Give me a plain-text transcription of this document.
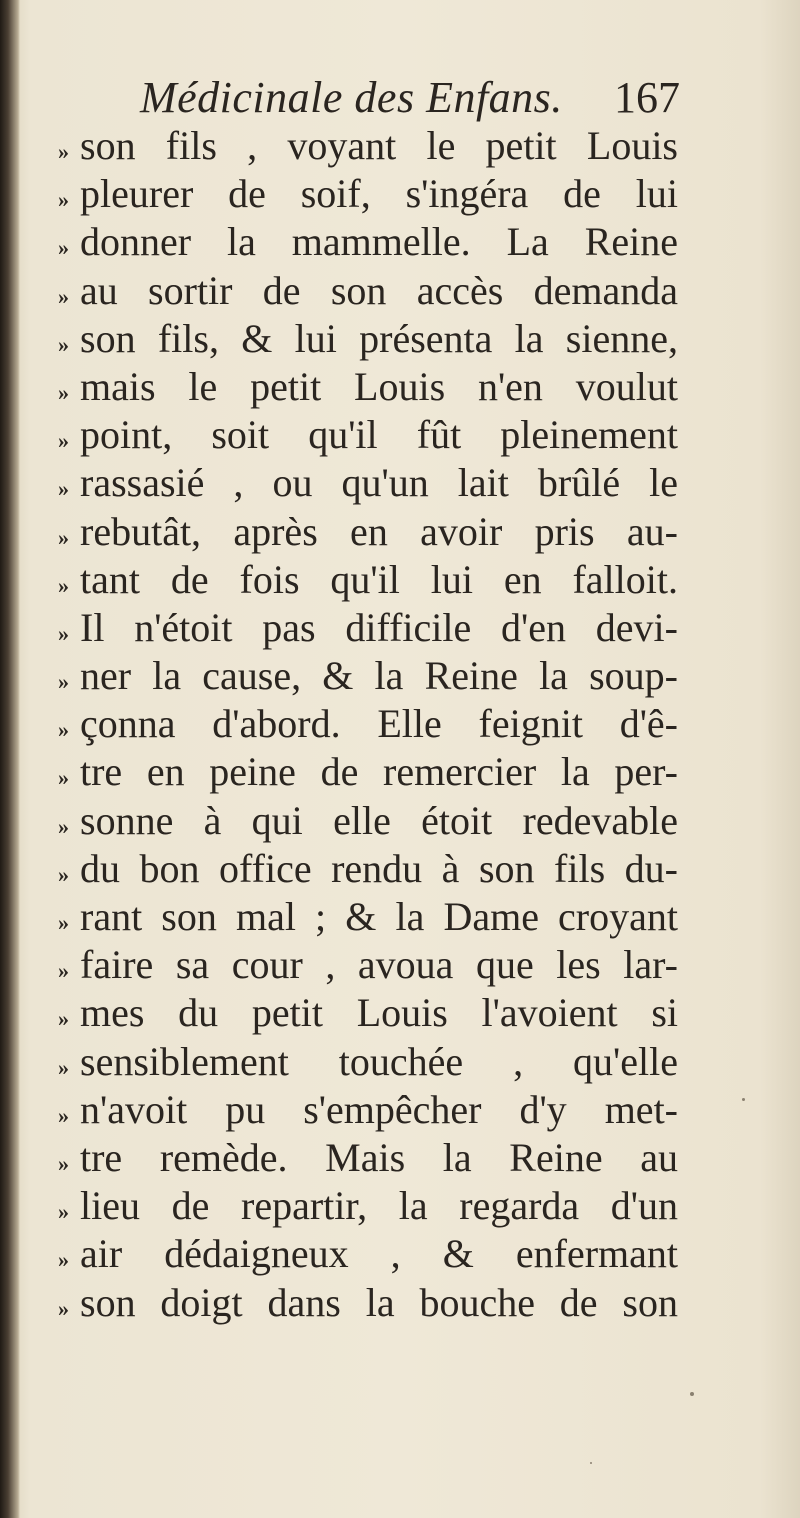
Médicinale des Enfans. 167
» son fils , voyant le petit Louis
» pleurer de soif, s'ingéra de lui
» donner la mammelle. La Reine
» au sortir de son accès demanda
» son fils, & lui présenta la sienne,
» mais le petit Louis n'en voulut
» point, soit qu'il fût pleinement
» rassasié , ou qu'un lait brûlé le
» rebutât, après en avoir pris au-
» tant de fois qu'il lui en falloit.
» Il n'étoit pas difficile d'en devi-
» ner la cause, & la Reine la soup-
» çonna d'abord. Elle feignit d'ê-
» tre en peine de remercier la per-
» sonne à qui elle étoit redevable
» du bon office rendu à son fils du-
» rant son mal ; & la Dame croyant
» faire sa cour , avoua que les lar-
» mes du petit Louis l'avoient si
» sensiblement touchée , qu'elle
» n'avoit pu s'empêcher d'y met-
» tre remède. Mais la Reine au
» lieu de repartir, la regarda d'un
» air dédaigneux , & enfermant
» son doigt dans la bouche de son
